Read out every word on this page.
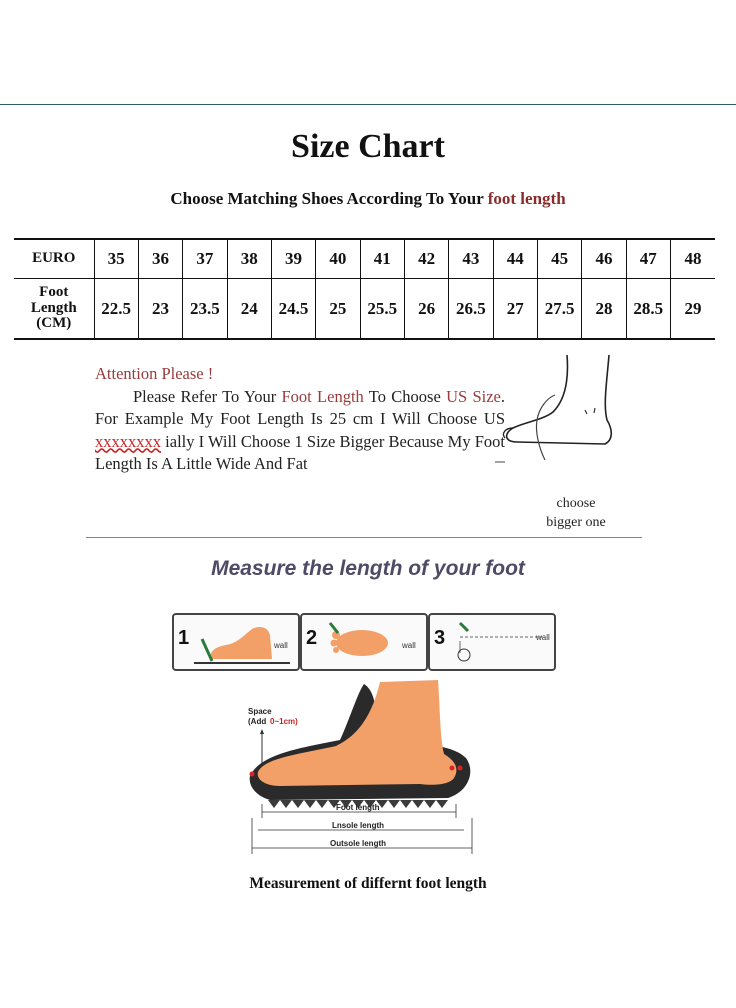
Size Chart
Choose Matching Shoes According To Your foot length
EURO	35	36	37	38	39	40	41	42	43	44	45	46	47	48

Foot
Length
(CM)	22.5	23	23.5	24	24.5	25	25.5	26	26.5	27	27.5	28	28.5	29

Attention Please !

Please Refer To Your Foot Length To Choose US Size. For Example My Foot Length Is 25 cm I Will Choose US xxxxxxxx ially I Will Choose 1 Size Bigger Because My Foot Length Is A Little Wide And Fat

choose
bigger one
Measure the length of your foot
1	wall 2	wall 3	wall
Space
(Add 0~1cm)
Foot length
Lnsole length
Outsole length
Measurement of differnt foot length
